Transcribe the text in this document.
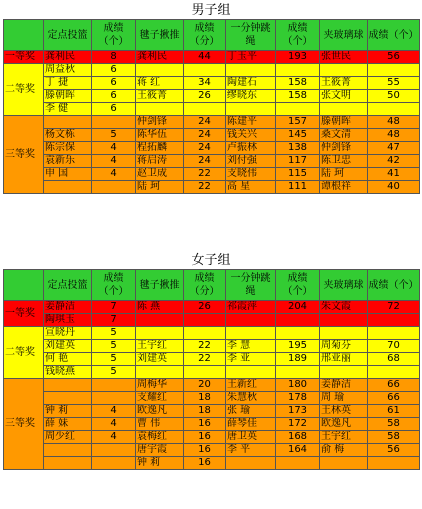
男子组
	定点投篮	成绩（个）	毽子揪推	成绩（分）	一分钟跳绳	成绩（个）	夹玻璃球	成绩（个）
一等奖	龚利民	8	龚利民	44	丁玉平	193	张世民	56
二等奖	周益秋	6						
	丁 捷	6	蒋 红	34	陶建石	158	王筱菁	55
	滕朝晖	6	王筱菁	26	缪晓东	158	张文明	50
	李 健	6						
三等奖			仲剑锋	24	陈建平	157	滕朝晖	48
	杨文栋	5	陈华伍	24	钱关兴	145	桑文清	48
	陈宗保	4	程拓麟	24	卢振林	138	仲剑锋	47
	袁新乐	4	蒋启涛	24	刘付强	117	陈卫忠	42
	申 国	4	赵卫成	22	支晓伟	115	陆 珂	41
			陆 珂	22	高 星	111	谭根祥	40
女子组
	定点投篮	成绩（个）	毽子揪推	成绩（分）	一分钟跳绳	成绩（个）	夹玻璃球	成绩（个）
一等奖	姜静洁	7	陈 燕	26	祁霞萍	204	朱文霞	72
	陶琪玉	7						
二等奖	宣晓丹	5						
	刘建英	5	王宇红	22	李 慧	195	周菊芬	70
	何 艳	5	刘建英	22	李 亚	189	邢亚丽	68
	钱晓燕	5						
三等奖			周梅华	20	王新红	180	姜静洁	66
			支耀红	18	朱慧秋	178	周 瑜	66
	钟 莉	4	欧逸凡	18	张 瑜	173	王林英	61
	薛 妹	4	曹 伟	16	薛琴佳	172	欧逸凡	58
	周少红	4	袁梅红	16	唐卫英	168	王宇红	58
			唐宇霞	16	李 平	164	俞 梅	56
			钟 莉	16				
